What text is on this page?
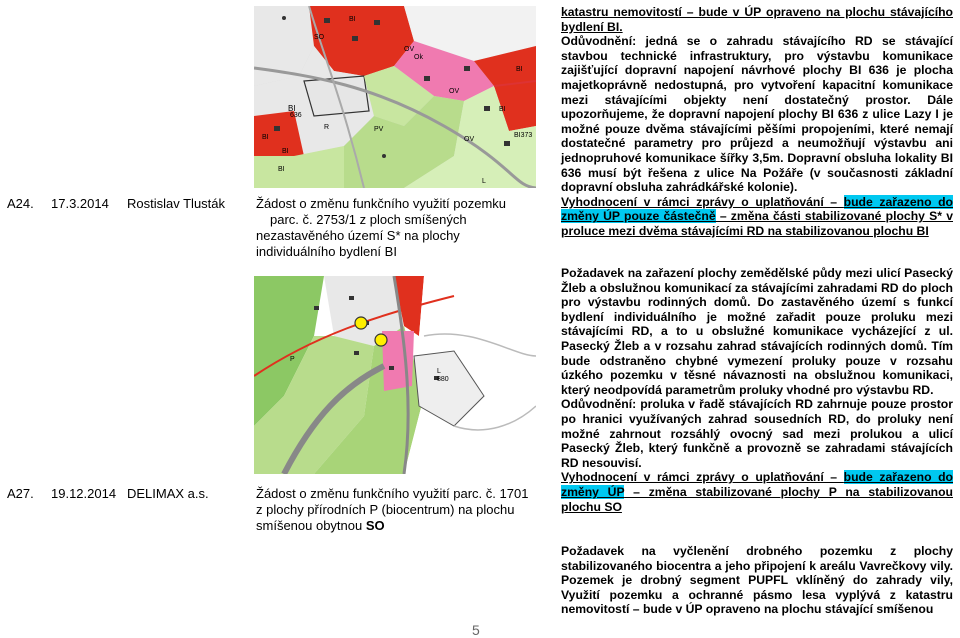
A24. 17.3.2014 Rostislav Tlusták Žádost o změnu funkčního využití pozemku
parc. č. 2753/1 z ploch smíšených
nezastavěného území S* na plochy
individuálního bydlení BI
BI
636
BI
BI
BI
OV
OV
Ok
OV
BI
BI
BI373
PV
SO
BI
R
L

katastru nemovitostí – bude v ÚP opraveno na plochu stávajícího bydlení BI.

Odůvodnění: jedná se o zahradu stávajícího RD se stávající stavbou technické infrastruktury, pro výstavbu komunikace zajišťující dopravní napojení návrhové plochy BI 636 je plocha majetkoprávně nedostupná, pro vytvoření kapacitní komunikace mezi stávajícími objekty není dostatečný prostor. Dále upozorňujeme, že dopravní napojení plochy BI 636 z ulice Lazy I je možné pouze dvěma stávajícími pěšími propojeními, které nemají dostatečné parametry pro průjezd a neumožňují výstavbu ani jednopruhové komunikace šířky 3,5m. Dopravní obsluha lokality BI 636 musí být řešena z ulice Na Požáře (v současnosti základní dopravní obsluha zahrádkářské kolonie).

Vyhodnocení v rámci zprávy o uplatňování – bude zařazeno do změny ÚP pouze částečně – změna části stabilizované plochy S* v proluce mezi dvěma stávajícími RD na stabilizovanou plochu BI

A27. 19.12.2014 DELIMAX a.s.	Žádost o změnu funkčního využití parc. č. 1701
z plochy přírodních P (biocentrum) na plochu
smíšenou obytnou SO
L
880
P

Požadavek na zařazení plochy zemědělské půdy mezi ulicí Pasecký Žleb a obslužnou komunikací za stávajícími zahradami RD do ploch pro výstavbu rodinných domů. Do zastavěného území s funkcí bydlení individuálního je možné zařadit pouze proluku mezi stávajícími RD, a to u obslužné komunikace vycházející z ul. Pasecký Žleb a v rozsahu zahrad stávajících rodinných domů. Tím bude odstraněno chybné vymezení proluky pouze v rozsahu úzkého pozemku v těsné návaznosti na obslužnou komunikaci, který neodpovídá parametrům proluky vhodné pro výstavbu RD.

Odůvodnění: proluka v řadě stávajících RD zahrnuje pouze prostor po hranici využívaných zahrad sousedních RD, do proluky není možné zahrnout rozsáhlý ovocný sad mezi prolukou a ulicí Pasecký Žleb, který funkčně a provozně se zahradami stávajících RD nesouvisí.

Vyhodnocení v rámci zprávy o uplatňování – bude zařazeno do změny ÚP – změna stabilizované plochy P na stabilizovanou plochu SO

Požadavek na vyčlenění drobného pozemku z plochy stabilizovaného biocentra a jeho připojení k areálu Vavrečkovy vily. Pozemek je drobný segment PUPFL vklíněný do zahrady vily, Využití pozemku a ochranné pásmo lesa vyplývá z katastru nemovitostí – bude v ÚP opraveno na plochu stávající smíšenou

5
